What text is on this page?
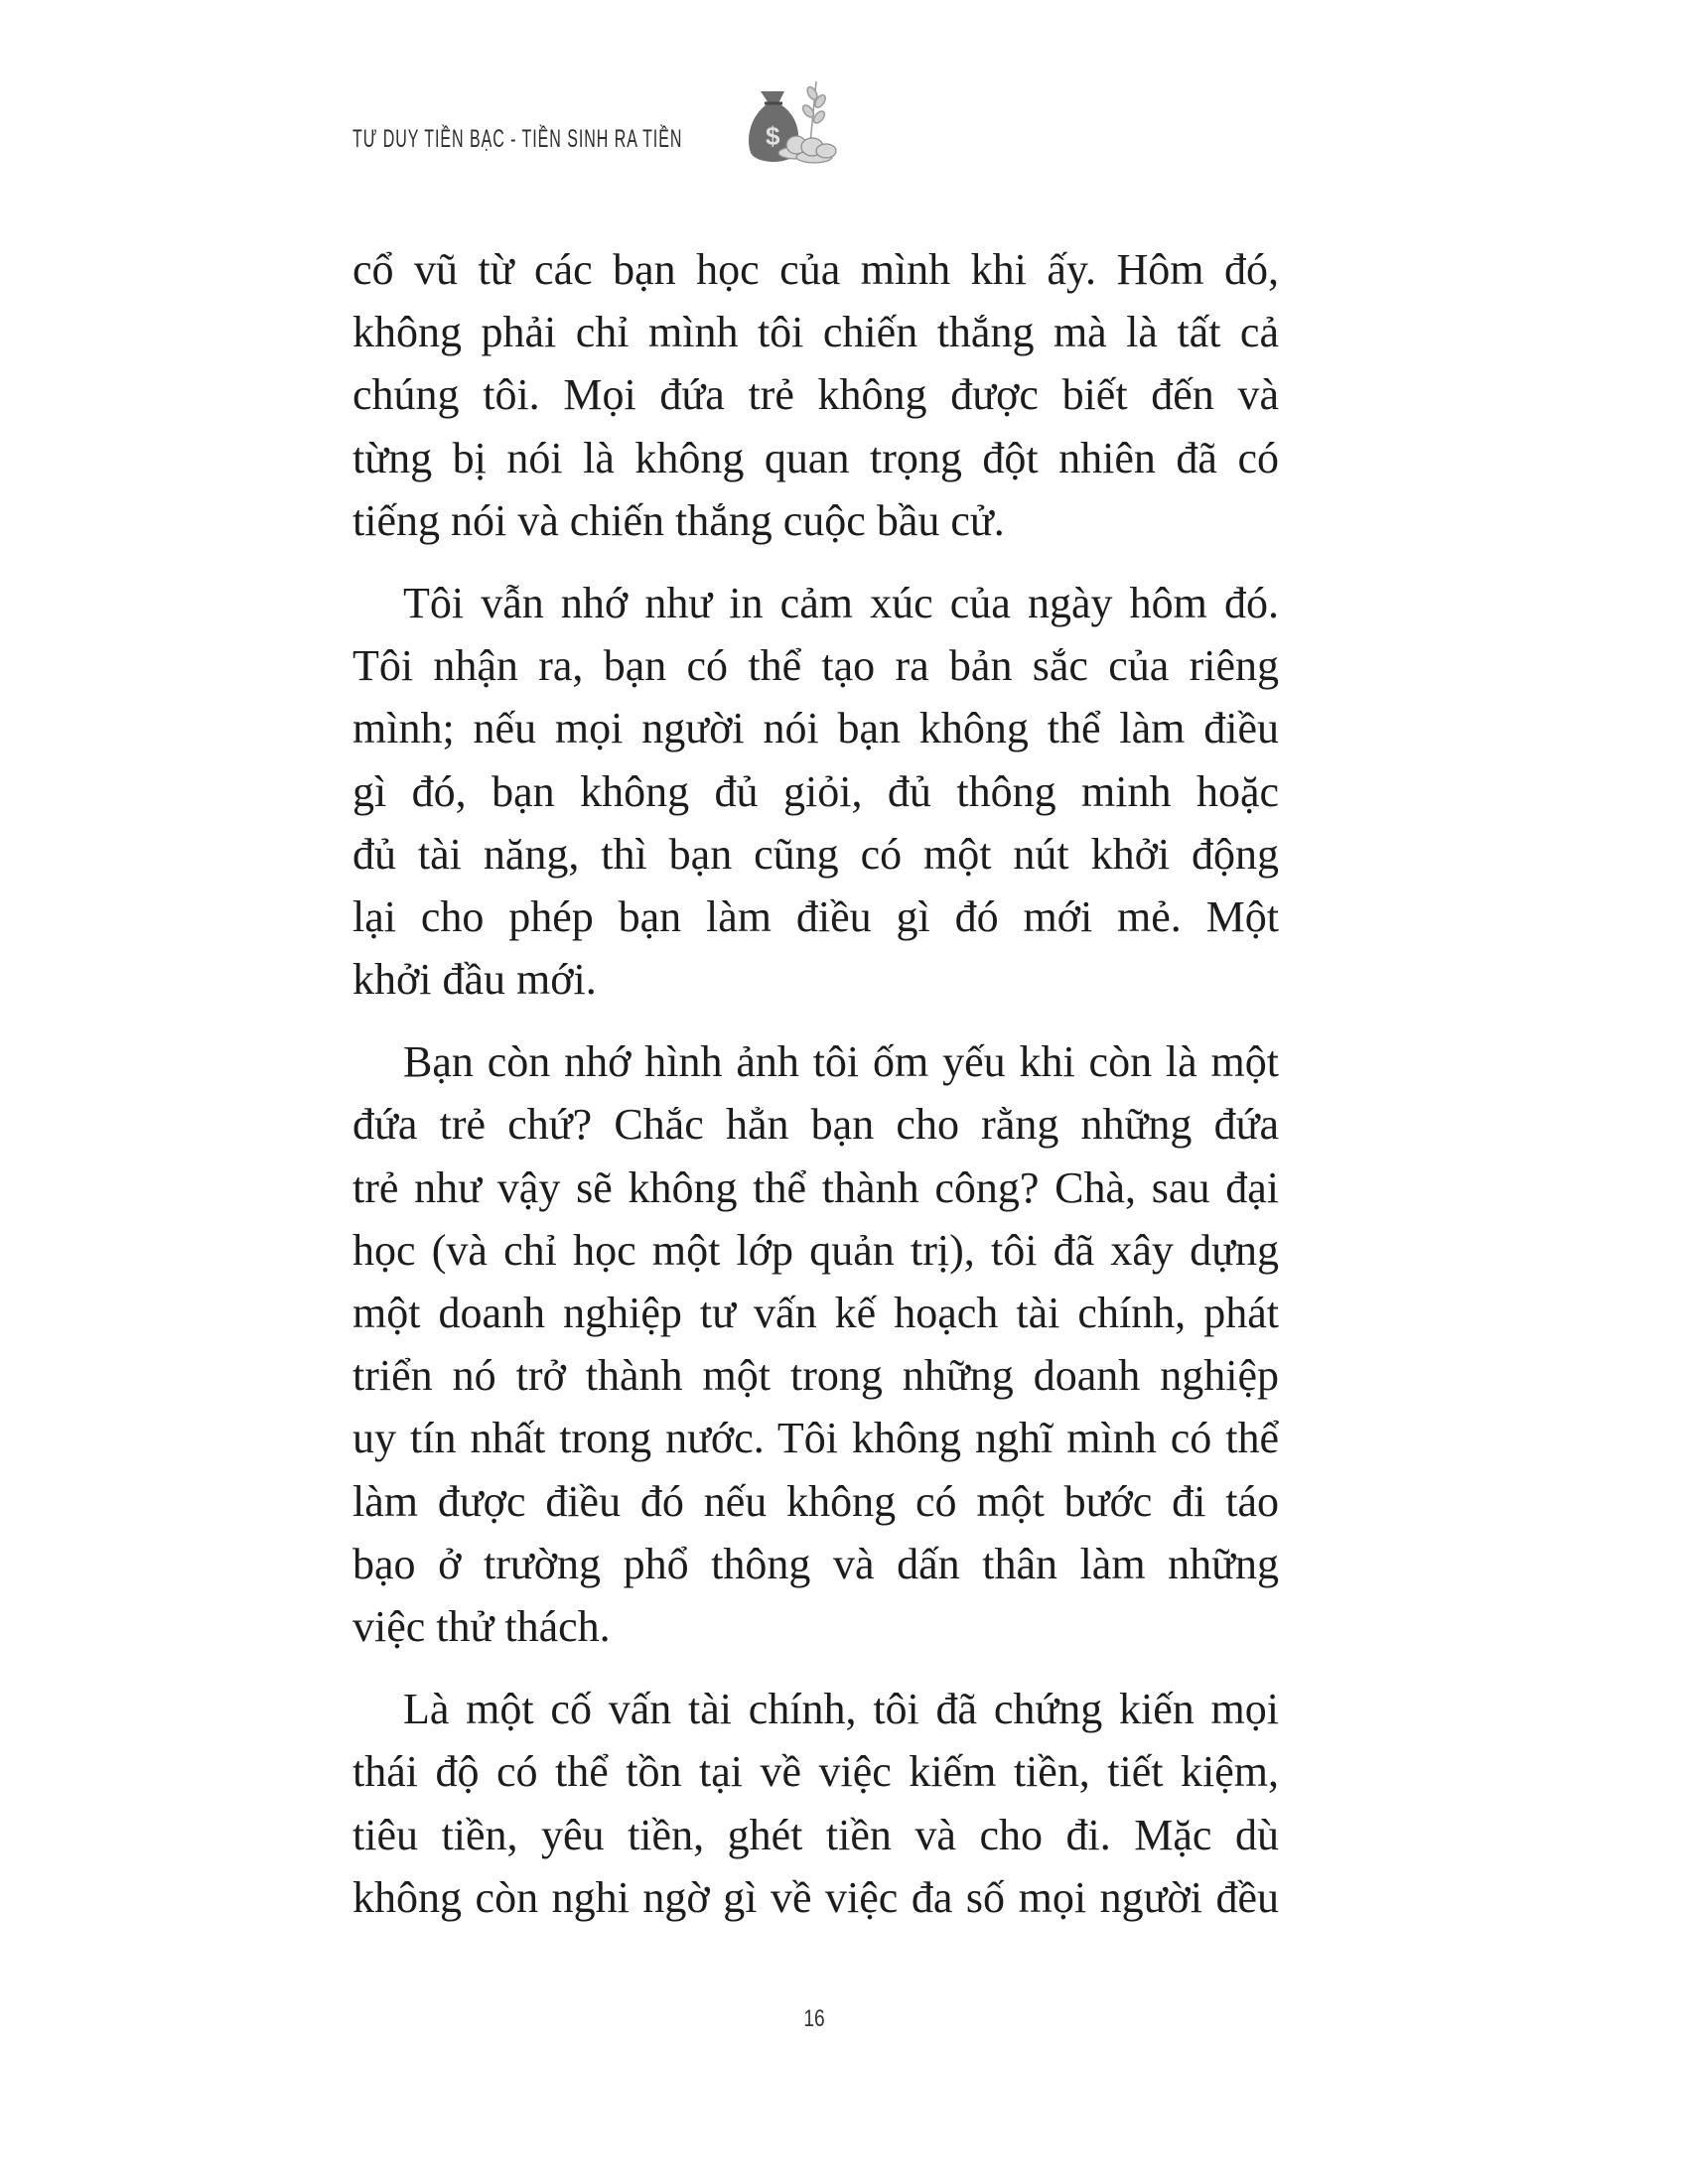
TƯ DUY TIỀN BẠC - TIỀN SINH RA TIỀN	$

cổ vũ từ các bạn học của mình khi ấy. Hôm đó,
không phải chỉ mình tôi chiến thắng mà là tất cả
chúng tôi. Mọi đứa trẻ không được biết đến và
từng bị nói là không quan trọng đột nhiên đã có
tiếng nói và chiến thắng cuộc bầu cử.

Tôi vẫn nhớ như in cảm xúc của ngày hôm đó.
Tôi nhận ra, bạn có thể tạo ra bản sắc của riêng
mình; nếu mọi người nói bạn không thể làm điều
gì đó, bạn không đủ giỏi, đủ thông minh hoặc
đủ tài năng, thì bạn cũng có một nút khởi động
lại cho phép bạn làm điều gì đó mới mẻ. Một
khởi đầu mới.

Bạn còn nhớ hình ảnh tôi ốm yếu khi còn là một
đứa trẻ chứ? Chắc hẳn bạn cho rằng những đứa
trẻ như vậy sẽ không thể thành công? Chà, sau đại
học (và chỉ học một lớp quản trị), tôi đã xây dựng
một doanh nghiệp tư vấn kế hoạch tài chính, phát
triển nó trở thành một trong những doanh nghiệp
uy tín nhất trong nước. Tôi không nghĩ mình có thể
làm được điều đó nếu không có một bước đi táo
bạo ở trường phổ thông và dấn thân làm những
việc thử thách.

Là một cố vấn tài chính, tôi đã chứng kiến mọi
thái độ có thể tồn tại về việc kiếm tiền, tiết kiệm,
tiêu tiền, yêu tiền, ghét tiền và cho đi. Mặc dù
không còn nghi ngờ gì về việc đa số mọi người đều

16
